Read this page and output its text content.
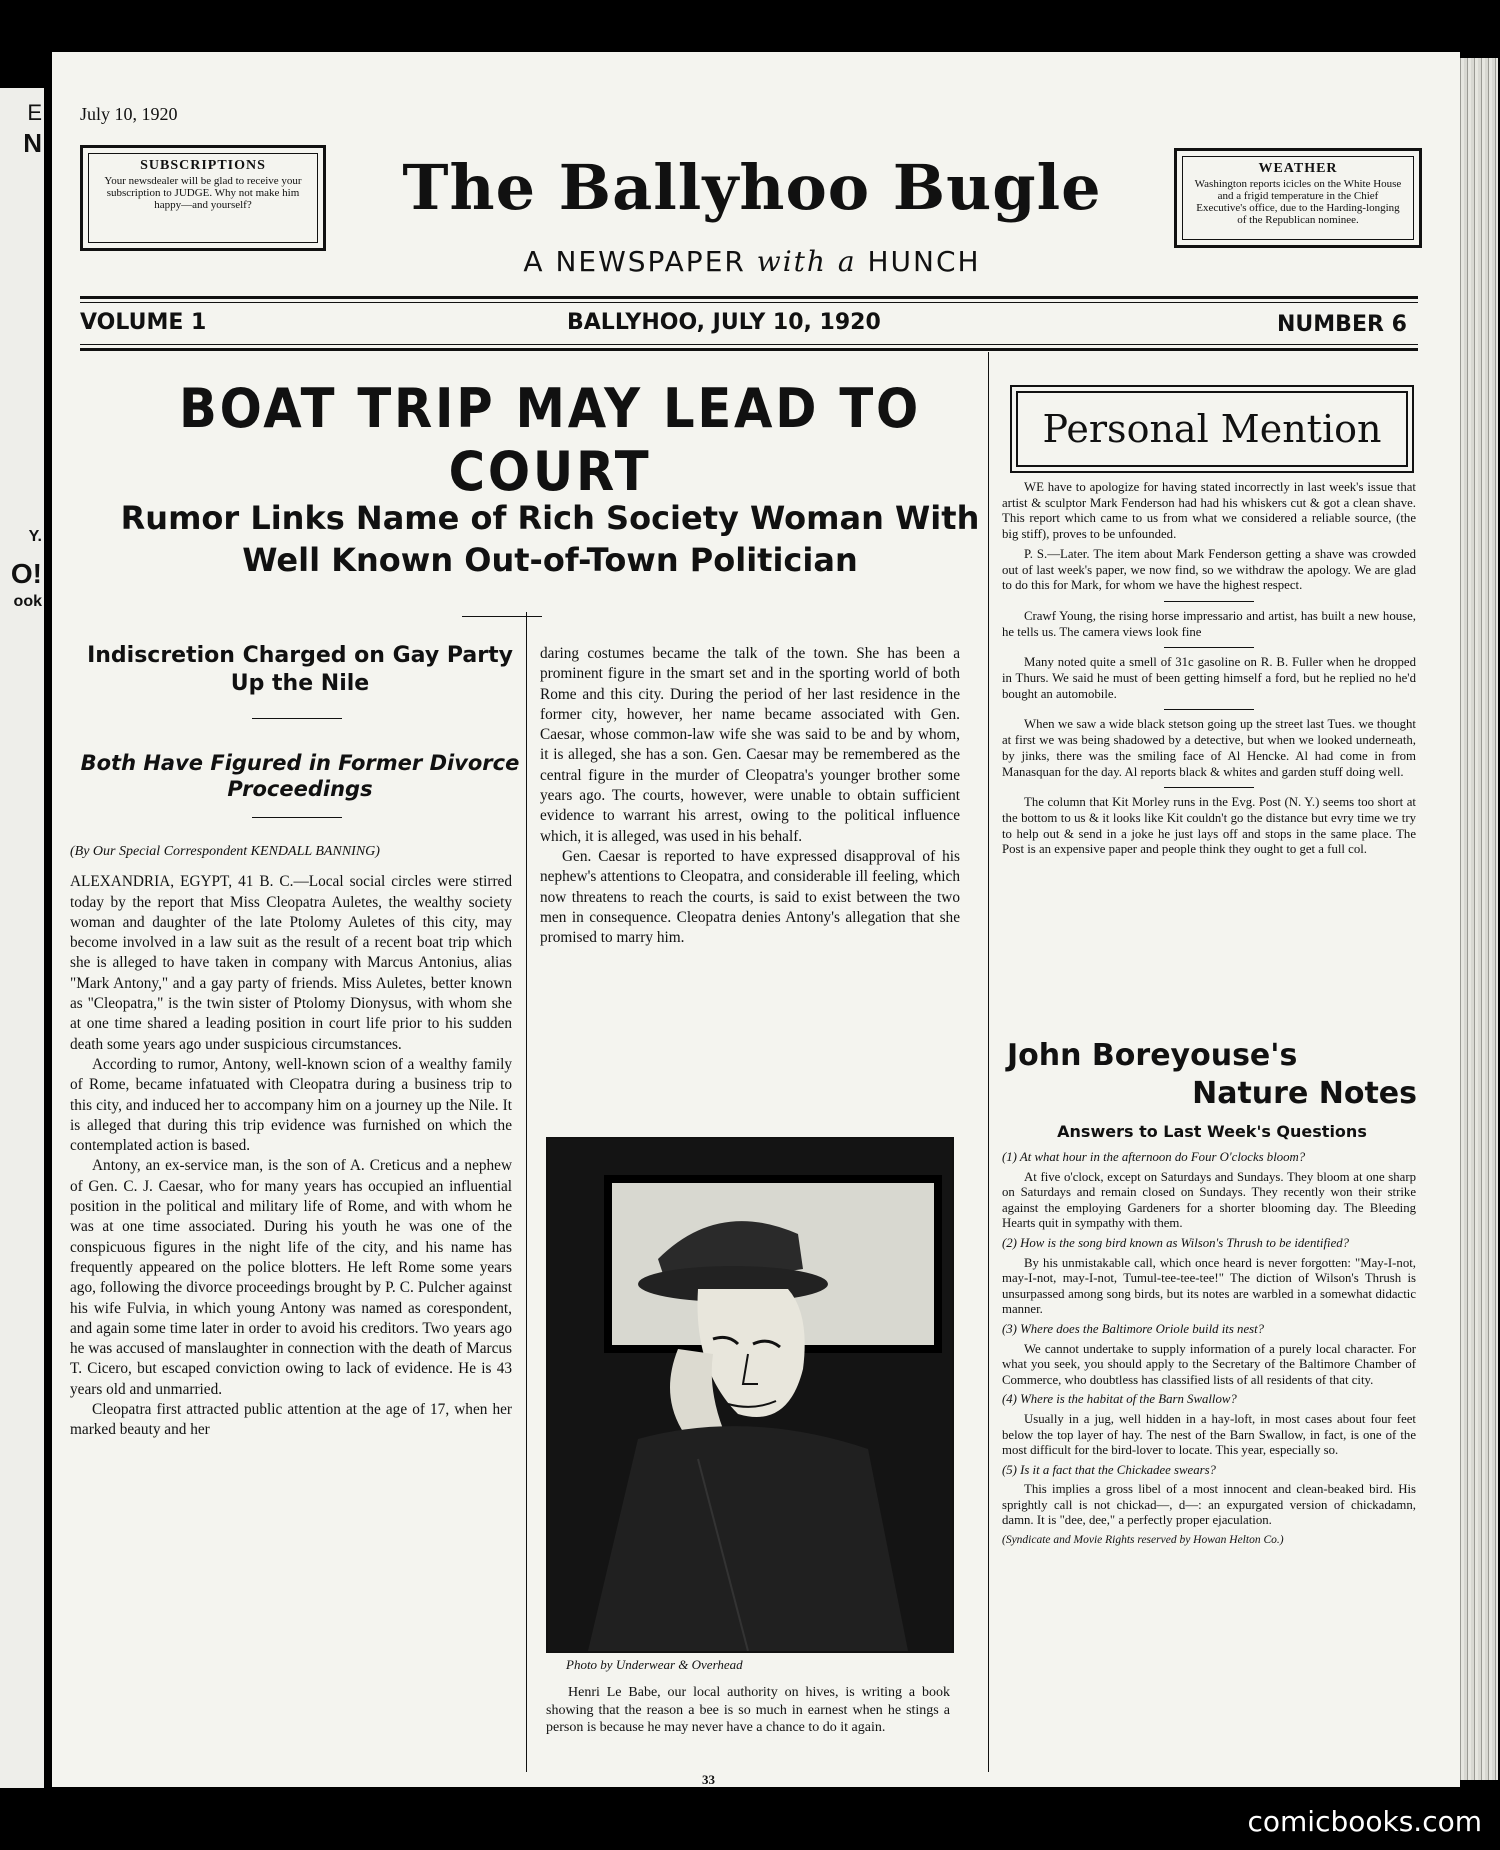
E
N
Y.
O!
ook
July 10, 1920
SUBSCRIPTIONS
Your newsdealer will be glad to receive your subscription to JUDGE. Why not make him happy—and yourself?	The Ballyhoo Bugle	WEATHER
Washington reports icicles on the White House and a frigid temperature in the Chief Executive's office, due to the Harding-longing of the Republican nominee.
A NEWSPAPER with a HUNCH
VOLUME 1	BALLYHOO, JULY 10, 1920	NUMBER 6
BOAT TRIP MAY LEAD TO COURT
Rumor Links Name of Rich Society Woman With Well Known Out-of-Town Politician
Indiscretion Charged on Gay Party Up the Nile
Both Have Figured in Former Divorce Proceedings
(By Our Special Correspondent KENDALL BANNING)

ALEXANDRIA, EGYPT, 41 B. C.—Local social circles were stirred today by the report that Miss Cleopatra Auletes, the wealthy society woman and daughter of the late Ptolomy Auletes of this city, may become involved in a law suit as the result of a recent boat trip which she is alleged to have taken in company with Marcus Antonius, alias "Mark Antony," and a gay party of friends. Miss Auletes, better known as "Cleopatra," is the twin sister of Ptolomy Dionysus, with whom she at one time shared a leading position in court life prior to his sudden death some years ago under suspicious circumstances.

According to rumor, Antony, well-known scion of a wealthy family of Rome, became infatuated with Cleopatra during a business trip to this city, and induced her to accompany him on a journey up the Nile. It is alleged that during this trip evidence was furnished on which the contemplated action is based.

Antony, an ex-service man, is the son of A. Creticus and a nephew of Gen. C. J. Caesar, who for many years has occupied an influential position in the political and military life of Rome, and with whom he was at one time associated. During his youth he was one of the conspicuous figures in the night life of the city, and his name has frequently appeared on the police blotters. He left Rome some years ago, following the divorce proceedings brought by P. C. Pulcher against his wife Fulvia, in which young Antony was named as corespondent, and again some time later in order to avoid his creditors. Two years ago he was accused of manslaughter in connection with the death of Marcus T. Cicero, but escaped conviction owing to lack of evidence. He is 43 years old and unmarried.

Cleopatra first attracted public attention at the age of 17, when her marked beauty and her

daring costumes became the talk of the town. She has been a prominent figure in the smart set and in the sporting world of both Rome and this city. During the period of her last residence in the former city, however, her name became associated with Gen. Caesar, whose common-law wife she was said to be and by whom, it is alleged, she has a son. Gen. Caesar may be remembered as the central figure in the murder of Cleopatra's younger brother some years ago. The courts, however, were unable to obtain sufficient evidence to warrant his arrest, owing to the political influence which, it is alleged, was used in his behalf.

Gen. Caesar is reported to have expressed disapproval of his nephew's attentions to Cleopatra, and considerable ill feeling, which now threatens to reach the courts, is said to exist between the two men in consequence. Cleopatra denies Antony's allegation that she promised to marry him.

Photo by Underwear & Overhead

Henri Le Babe, our local authority on hives, is writing a book showing that the reason a bee is so much in earnest when he stings a person is because he may never have a chance to do it again.

Personal Mention

WE have to apologize for having stated incorrectly in last week's issue that artist & sculptor Mark Fenderson had had his whiskers cut & got a clean shave. This report which came to us from what we considered a reliable source, (the big stiff), proves to be unfounded.

P. S.—Later. The item about Mark Fenderson getting a shave was crowded out of last week's paper, we now find, so we withdraw the apology. We are glad to do this for Mark, for whom we have the highest respect.

Crawf Young, the rising horse impressario and artist, has built a new house, he tells us. The camera views look fine

Many noted quite a smell of 31c gasoline on R. B. Fuller when he dropped in Thurs. We said he must of been getting himself a ford, but he replied no he'd bought an automobile.

When we saw a wide black stetson going up the street last Tues. we thought at first we was being shadowed by a detective, but when we looked underneath, by jinks, there was the smiling face of Al Hencke. Al had come in from Manasquan for the day. Al reports black & whites and garden stuff doing well.

The column that Kit Morley runs in the Evg. Post (N. Y.) seems too short at the bottom to us & it looks like Kit couldn't go the distance but evry time we try to help out & send in a joke he just lays off and stops in the same place. The Post is an expensive paper and people think they ought to get a full col.

John Boreyouse's
Nature Notes
Answers to Last Week's Questions

(1) At what hour in the afternoon do Four O'clocks bloom?

At five o'clock, except on Saturdays and Sundays. They bloom at one sharp on Saturdays and remain closed on Sundays. They recently won their strike against the employing Gardeners for a shorter blooming day. The Bleeding Hearts quit in sympathy with them.

(2) How is the song bird known as Wilson's Thrush to be identified?

By his unmistakable call, which once heard is never forgotten: "May-I-not, may-I-not, may-I-not, Tumul-tee-tee-tee!" The diction of Wilson's Thrush is unsurpassed among song birds, but its notes are warbled in a somewhat didactic manner.

(3) Where does the Baltimore Oriole build its nest?

We cannot undertake to supply information of a purely local character. For what you seek, you should apply to the Secretary of the Baltimore Chamber of Commerce, who doubtless has classified lists of all residents of that city.

(4) Where is the habitat of the Barn Swallow?

Usually in a jug, well hidden in a hay-loft, in most cases about four feet below the top layer of hay. The nest of the Barn Swallow, in fact, is one of the most difficult for the bird-lover to locate. This year, especially so.

(5) Is it a fact that the Chickadee swears?

This implies a gross libel of a most innocent and clean-beaked bird. His sprightly call is not chickad—, d—: an expurgated version of chickadamn, damn. It is "dee, dee," a perfectly proper ejaculation.

(Syndicate and Movie Rights reserved by Howan Helton Co.)

33
comicbooks.com
